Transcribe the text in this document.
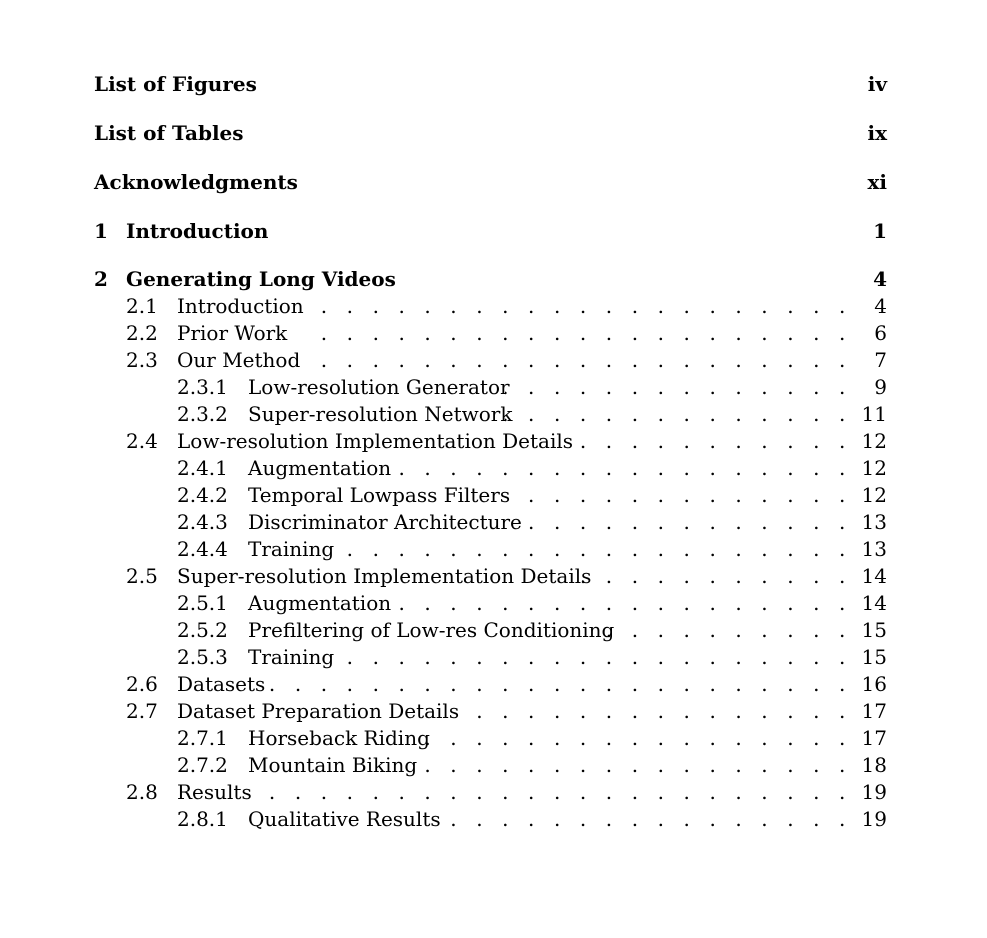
List of Figures	iv
List of Tables	ix
Acknowledgments	xi
1 Introduction	1
2 Generating Long Videos	4
2.1 Introduction . . .	4
2.2 Prior Work . . .	6
2.3 Our Method . . .	7
2.3.1 Low-resolution Generator . . .	9
2.3.2 Super-resolution Network . . .	11
2.4 Low-resolution Implementation Details . . .	12
2.4.1 Augmentation . . .	12
2.4.2 Temporal Lowpass Filters . . .	12
2.4.3 Discriminator Architecture . . .	13
2.4.4 Training . . .	13
2.5 Super-resolution Implementation Details . . .	14
2.5.1 Augmentation . . .	14
2.5.2 Prefiltering of Low-res Conditioning . . .	15
2.5.3 Training . . .	15
2.6 Datasets . . .	16
2.7 Dataset Preparation Details . . .	17
2.7.1 Horseback Riding . . .	17
2.7.2 Mountain Biking . . .	18
2.8 Results . . .	19
2.8.1 Qualitative Results . . .	19
